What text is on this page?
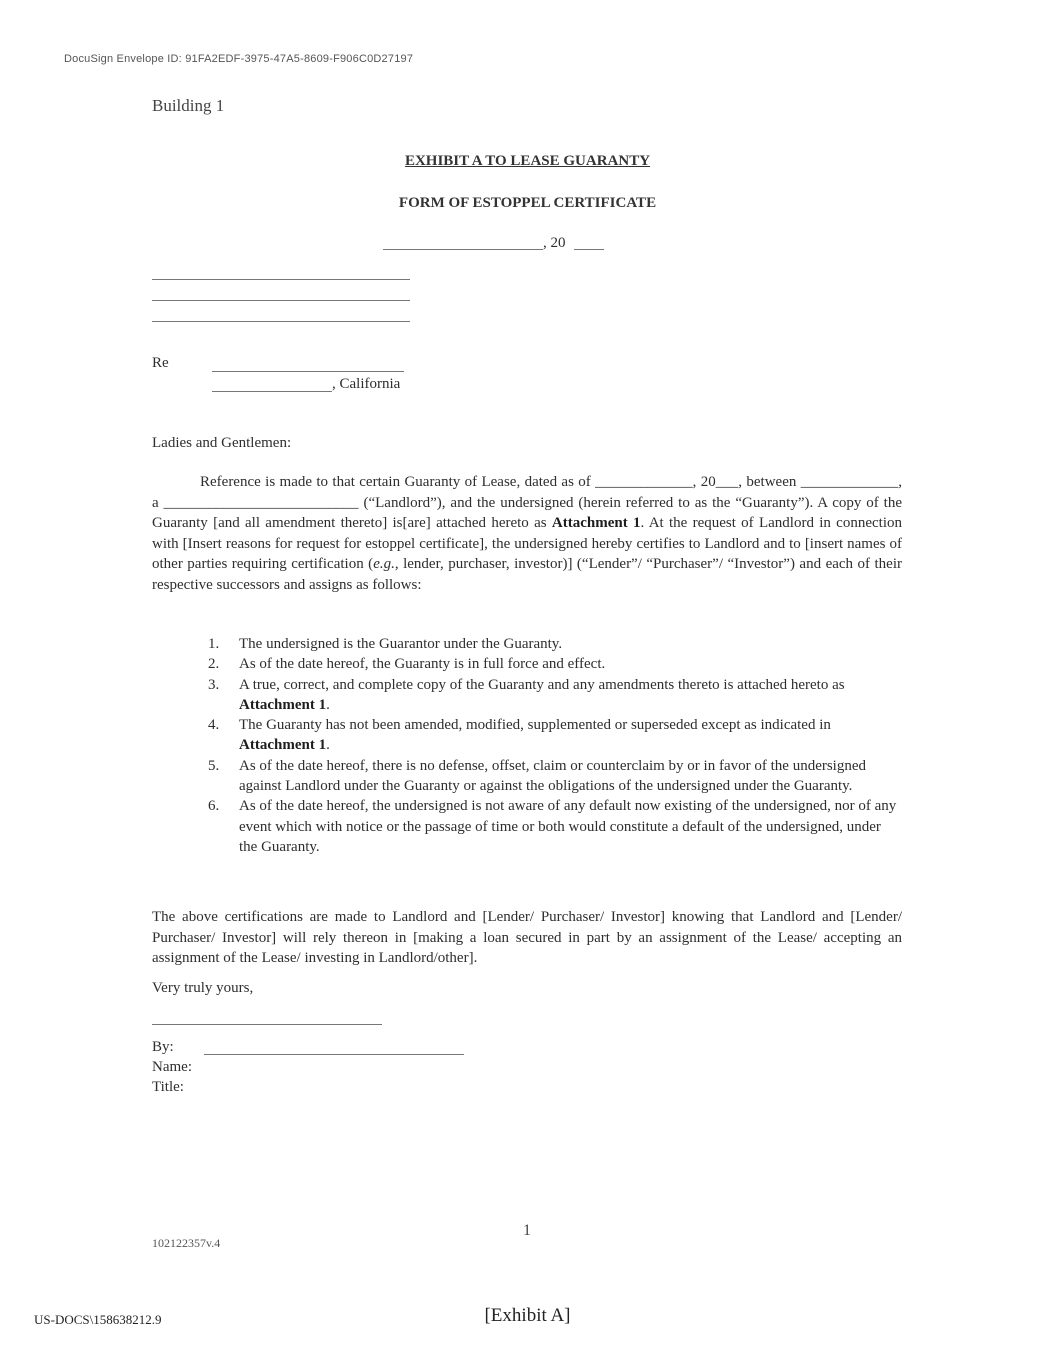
DocuSign Envelope ID: 91FA2EDF-3975-47A5-8609-F906C0D27197
Building 1
EXHIBIT A TO LEASE GUARANTY
FORM OF ESTOPPEL CERTIFICATE
, 20
Re
, California
Ladies and Gentlemen:
Reference is made to that certain Guaranty of Lease, dated as of _____________, 20___, between _____________, a __________________________ (“Landlord”), and the undersigned (herein referred to as the “Guaranty”). A copy of the Guaranty [and all amendment thereto] is[are] attached hereto as Attachment 1. At the request of Landlord in connection with [Insert reasons for request for estoppel certificate], the undersigned hereby certifies to Landlord and to [insert names of other parties requiring certification (e.g., lender, purchaser, investor)] (“Lender”/ “Purchaser”/ “Investor”) and each of their respective successors and assigns as follows:
1. The undersigned is the Guarantor under the Guaranty.
2. As of the date hereof, the Guaranty is in full force and effect.
3. A true, correct, and complete copy of the Guaranty and any amendments thereto is attached hereto as Attachment 1.
4. The Guaranty has not been amended, modified, supplemented or superseded except as indicated in Attachment 1.
5. As of the date hereof, there is no defense, offset, claim or counterclaim by or in favor of the undersigned against Landlord under the Guaranty or against the obligations of the undersigned under the Guaranty.
6. As of the date hereof, the undersigned is not aware of any default now existing of the undersigned, nor of any event which with notice or the passage of time or both would constitute a default of the undersigned, under the Guaranty.
The above certifications are made to Landlord and [Lender/ Purchaser/ Investor] knowing that Landlord and [Lender/ Purchaser/ Investor] will rely thereon in [making a loan secured in part by an assignment of the Lease/ accepting an assignment of the Lease/ investing in Landlord/other].
Very truly yours,
By:
Name:
Title:
102122357v.4
1
US-DOCS\158638212.9	[Exhibit A]
